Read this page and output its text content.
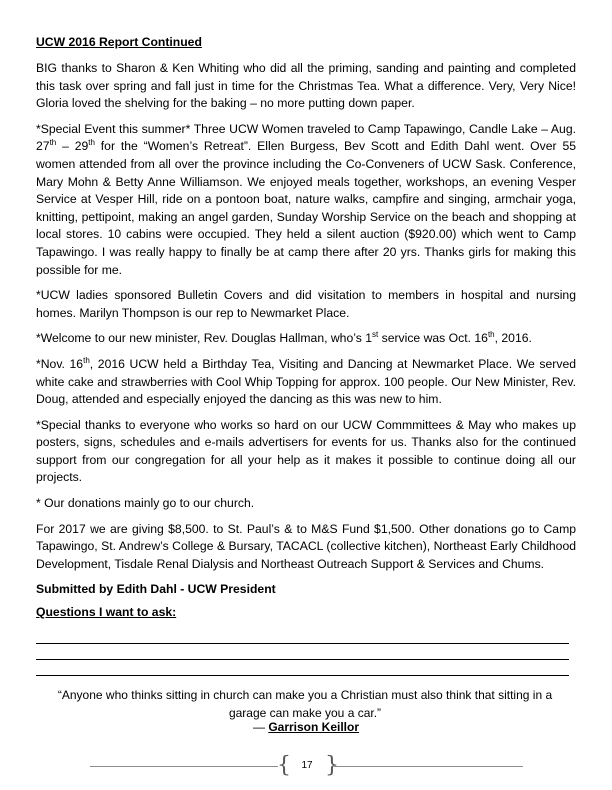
UCW 2016 Report Continued

BIG thanks to Sharon & Ken Whiting who did all the priming, sanding and painting and completed this task over spring and fall just in time for the Christmas Tea. What a difference. Very, Very Nice! Gloria loved the shelving for the baking – no more putting down paper.

*Special Event this summer* Three UCW Women traveled to Camp Tapawingo, Candle Lake – Aug. 27th – 29th for the “Women’s Retreat”. Ellen Burgess, Bev Scott and Edith Dahl went. Over 55 women attended from all over the province including the Co-Conveners of UCW Sask. Conference, Mary Mohn & Betty Anne Williamson. We enjoyed meals together, workshops, an evening Vesper Service at Vesper Hill, ride on a pontoon boat, nature walks, campfire and singing, armchair yoga, knitting, pettipoint, making an angel garden, Sunday Worship Service on the beach and shopping at local stores. 10 cabins were occupied. They held a silent auction ($920.00) which went to Camp Tapawingo. I was really happy to finally be at camp there after 20 yrs. Thanks girls for making this possible for me.

*UCW ladies sponsored Bulletin Covers and did visitation to members in hospital and nursing homes. Marilyn Thompson is our rep to Newmarket Place.

*Welcome to our new minister, Rev. Douglas Hallman, who’s 1st service was Oct. 16th, 2016.

*Nov. 16th, 2016 UCW held a Birthday Tea, Visiting and Dancing at Newmarket Place. We served white cake and strawberries with Cool Whip Topping for approx. 100 people. Our New Minister, Rev. Doug, attended and especially enjoyed the dancing as this was new to him.

*Special thanks to everyone who works so hard on our UCW Commmittees & May who makes up posters, signs, schedules and e-mails advertisers for events for us. Thanks also for the continued support from our congregation for all your help as it makes it possible to continue doing all our projects.

* Our donations mainly go to our church.

For 2017 we are giving $8,500. to St. Paul’s & to M&S Fund $1,500. Other donations go to Camp Tapawingo, St. Andrew’s College & Bursary, TACACL (collective kitchen), Northeast Early Childhood Development, Tisdale Renal Dialysis and Northeast Outreach Support & Services and Chums.

Submitted by Edith Dahl - UCW President
Questions I want to ask:
“Anyone who thinks sitting in church can make you a Christian must also think that sitting in a garage can make you a car.”
— Garrison Keillor
{ }
17
